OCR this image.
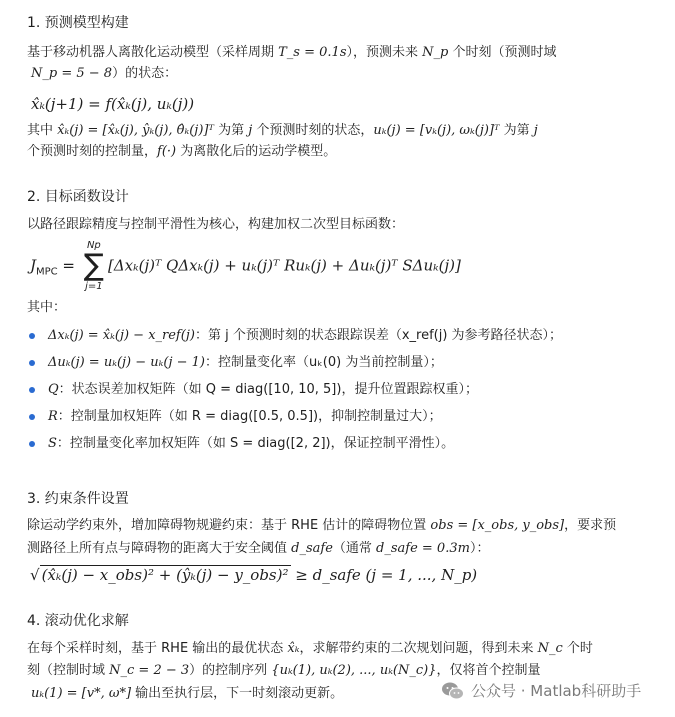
1. 预测模型构建
基于移动机器人离散化运动模型（采样周期 T_s = 0.1s），预测未来 N_p 个时刻（预测时域
N_p = 5 − 8）的状态：
x̂ₖ(j+1) = f(x̂ₖ(j), uₖ(j))
其中 x̂ₖ(j) = [x̂ₖ(j), ŷₖ(j), θ̂ₖ(j)]ᵀ 为第 j 个预测时刻的状态，uₖ(j) = [vₖ(j), ωₖ(j)]ᵀ 为第 j
个预测时刻的控制量，f(·) 为离散化后的运动学模型。
2. 目标函数设计
以路径跟踪精度与控制平滑性为核心，构建加权二次型目标函数：
$J_{MPC}$ =
Np
∑
j=1
[Δxₖ(j)ᵀ QΔxₖ(j) + uₖ(j)ᵀ Ruₖ(j) + Δuₖ(j)ᵀ SΔuₖ(j)]
其中：
Δxₖ(j) = x̂ₖ(j) − x_ref(j)：第 j 个预测时刻的状态跟踪误差（x_ref(j) 为参考路径状态）；
Δuₖ(j) = uₖ(j) − uₖ(j − 1)：控制量变化率（uₖ(0) 为当前控制量）；
Q：状态误差加权矩阵（如 Q = diag([10, 10, 5])，提升位置跟踪权重）；
R：控制量加权矩阵（如 R = diag([0.5, 0.5])，抑制控制量过大）；
S：控制量变化率加权矩阵（如 S = diag([2, 2])，保证控制平滑性）。
3. 约束条件设置
除运动学约束外，增加障碍物规避约束：基于 RHE 估计的障碍物位置 obs = [x_obs, y_obs]，要求预
测路径上所有点与障碍物的距离大于安全阈值 d_safe（通常 d_safe = 0.3m）：
√ (x̂ₖ(j) − x_obs)² + (ŷₖ(j) − y_obs)² ≥ d_safe (j = 1, ..., N_p)
4. 滚动优化求解
在每个采样时刻，基于 RHE 输出的最优状态 x̂ₖ，求解带约束的二次规划问题，得到未来 N_c 个时
刻（控制时域 N_c = 2 − 3）的控制序列 {uₖ(1), uₖ(2), ..., uₖ(N_c)}，仅将首个控制量
uₖ(1) = [v*, ω*] 输出至执行层，下一时刻滚动更新。	公众号 · Matlab科研助手
